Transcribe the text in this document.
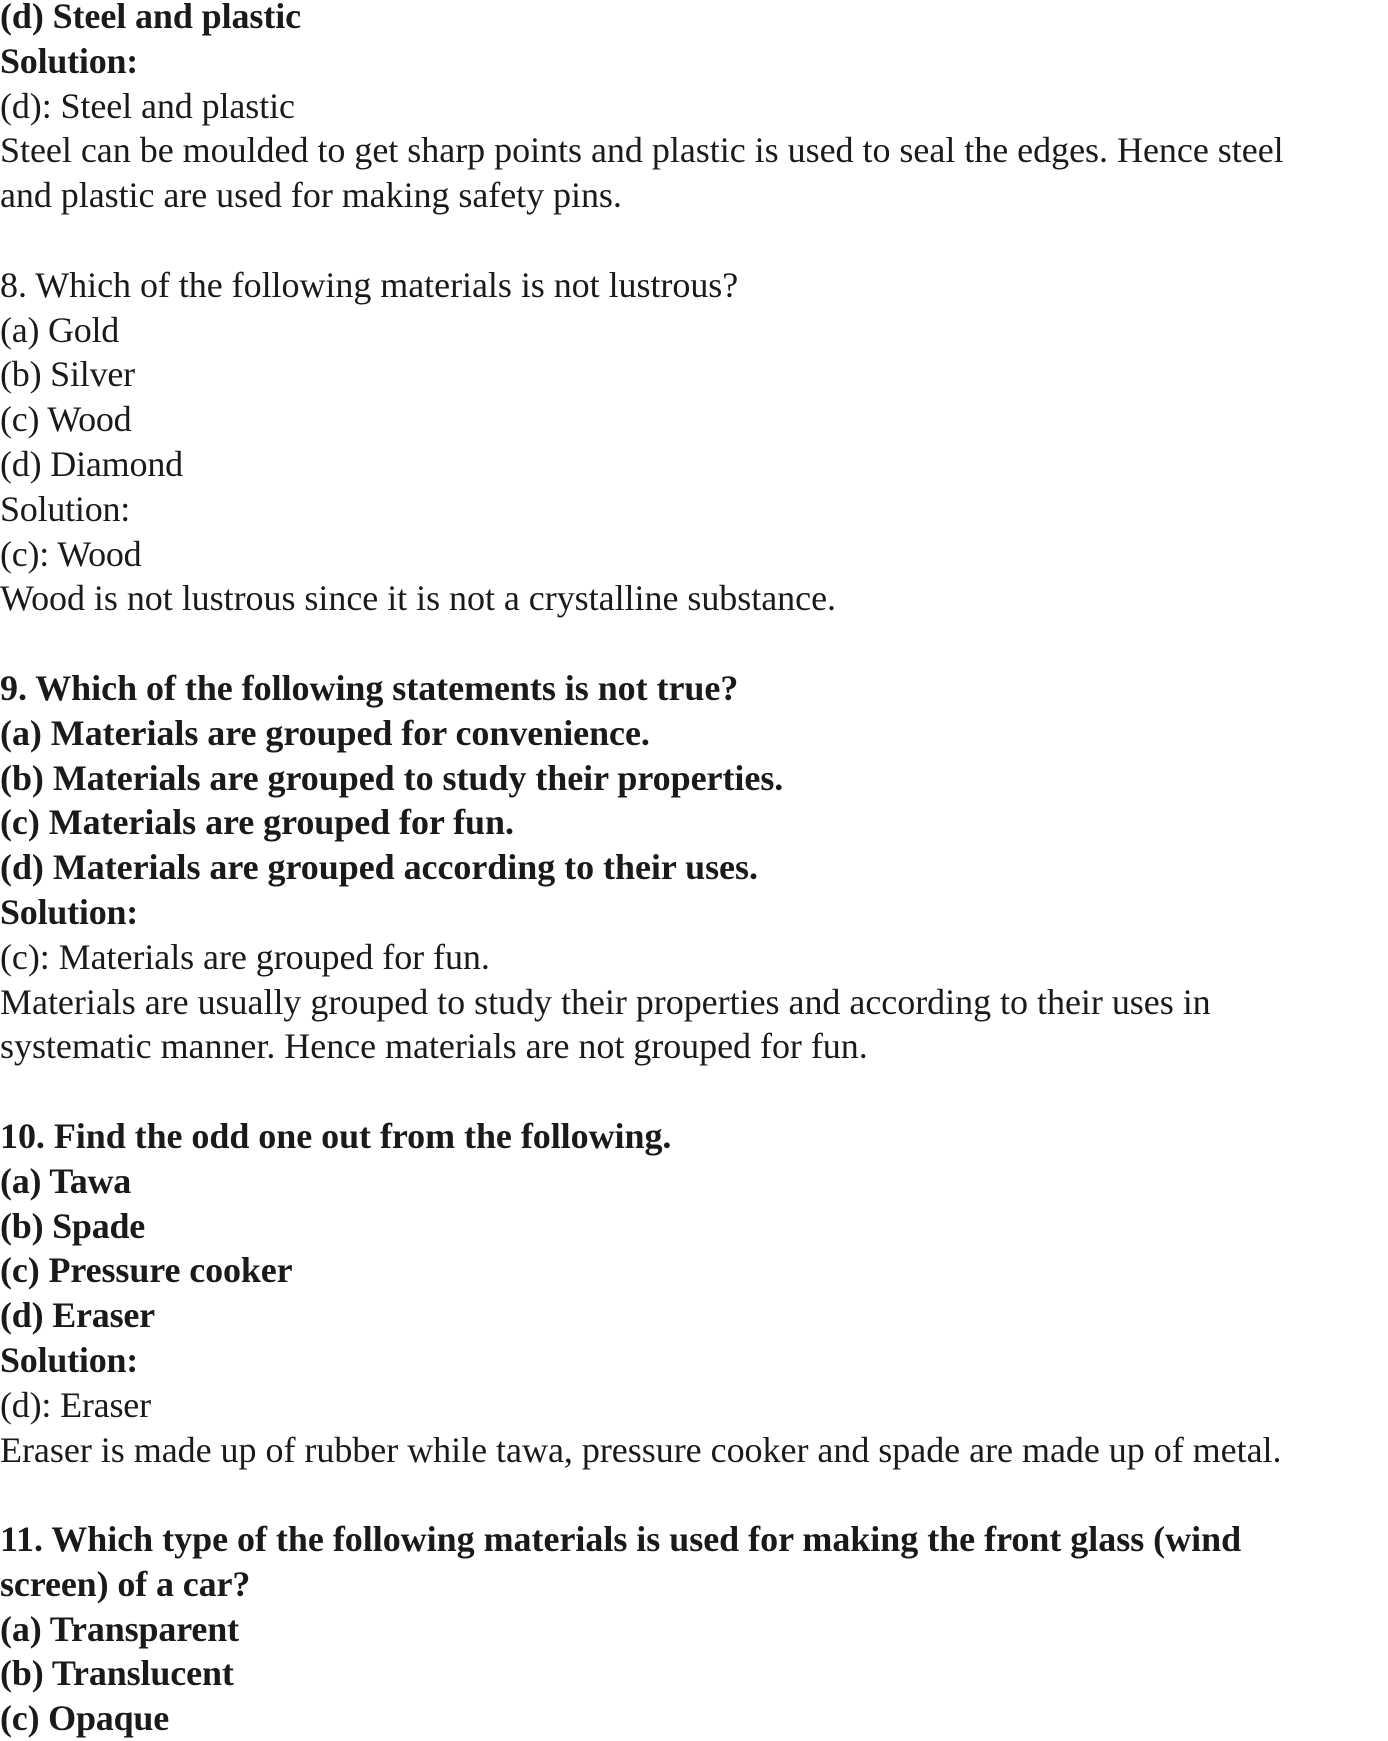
(d) Steel and plastic
Solution:
(d): Steel and plastic
Steel can be moulded to get sharp points and plastic is used to seal the edges. Hence steel
and plastic are used for making safety pins.
8. Which of the following materials is not lustrous?
(a) Gold
(b) Silver
(c) Wood
(d) Diamond
Solution:
(c): Wood
Wood is not lustrous since it is not a crystalline substance.
9. Which of the following statements is not true?
(a) Materials are grouped for convenience.
(b) Materials are grouped to study their properties.
(c) Materials are grouped for fun.
(d) Materials are grouped according to their uses.
Solution:
(c): Materials are grouped for fun.
Materials are usually grouped to study their properties and according to their uses in
systematic manner. Hence materials are not grouped for fun.
10. Find the odd one out from the following.
(a) Tawa
(b) Spade
(c) Pressure cooker
(d) Eraser
Solution:
(d): Eraser
Eraser is made up of rubber while tawa, pressure cooker and spade are made up of metal.
11. Which type of the following materials is used for making the front glass (wind
screen) of a car?
(a) Transparent
(b) Translucent
(c) Opaque
